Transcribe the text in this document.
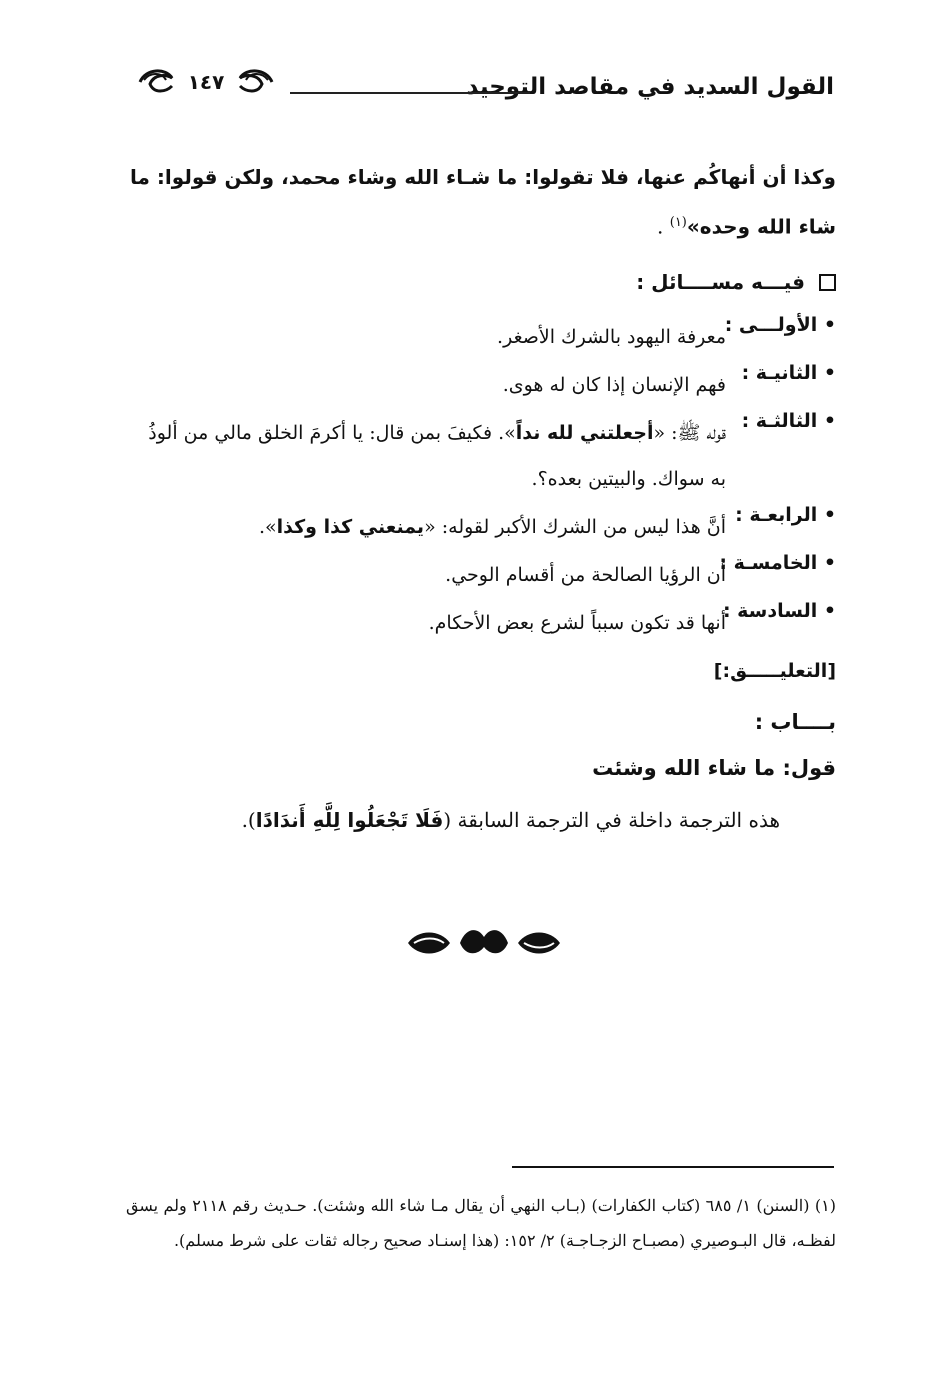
القول السديد في مقاصد التوحيد
١٤٧
وكذا أن أنهاكُم عنها، فلا تقولوا: ما شـاء الله وشاء محمد، ولكن قولوا: ما شاء الله وحده»$^{(١)}$ .
فيـــه مســــائل :
• الأولـــى :
معرفة اليهود بالشرك الأصغر.
• الثانيـة :
فهم الإنسان إذا كان له هوى.
• الثالثـة :
قوله ﷺ: «أجعلتني لله نداً». فكيفَ بمن قال: يا أكرمَ الخلق مالي من ألوذُ به سواك. والبيتين بعده؟.
• الرابعـة :
أنَّ هذا ليس من الشرك الأكبر لقوله: «يمنعني كذا وكذا».
• الخامسـة :
أن الرؤيا الصالحة من أقسام الوحي.
• السادسة :
أنها قد تكون سبباً لشرع بعض الأحكام.
[التعليـــــق:]
بــــاب :
قول: ما شاء الله وشئت
هذه الترجمة داخلة في الترجمة السابقة (فَلَا تَجْعَلُوا لِلَّهِ أَندَادًا).
(١) (السنن) ١/ ٦٨٥ (كتاب الكفارات) (بـاب النهي أن يقال مـا شاء الله وشئت). حـديث رقم ٢١١٨ ولم يسق لفظـه، قال البـوصيري (مصبـاح الزجـاجـة) ٢/ ١٥٢: (هذا إسنـاد صحيح رجاله ثقات على شرط مسلم).
